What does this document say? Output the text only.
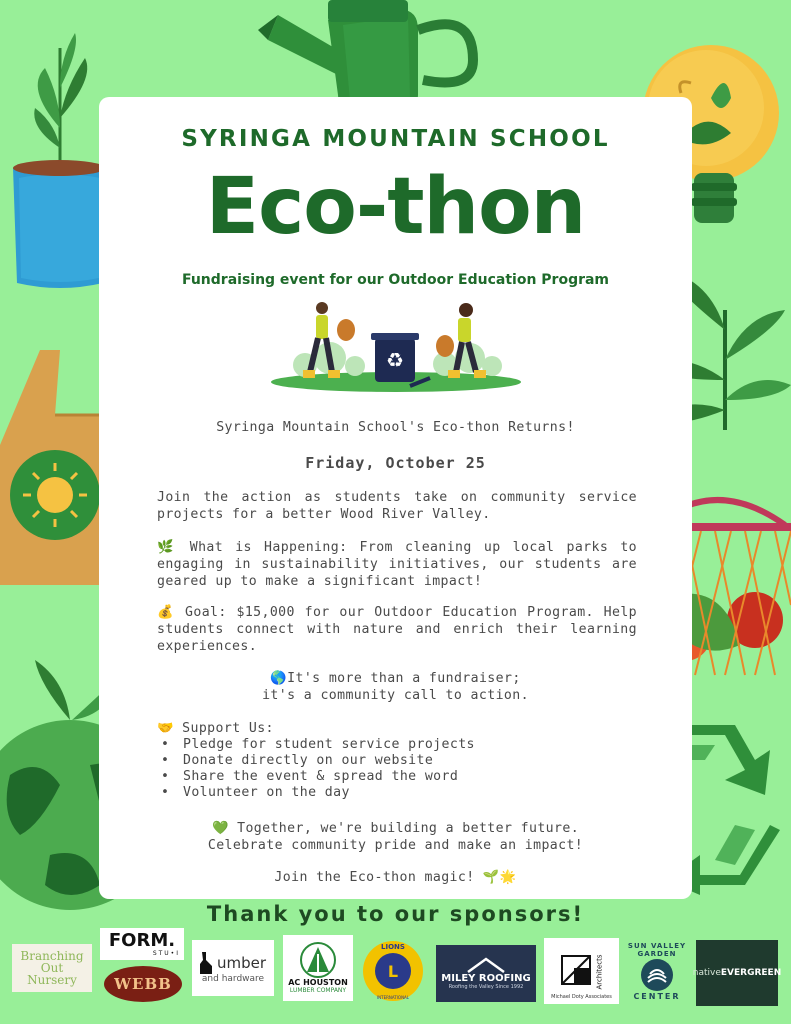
SYRINGA MOUNTAIN SCHOOL
Eco-thon
Fundraising event for our Outdoor Education Program
♻
Syringa Mountain School's Eco-thon Returns!
Friday, October 25
Join the action as students take on community service projects for a better Wood River Valley.
🌿 What is Happening: From cleaning up local parks to engaging in sustainability initiatives, our students are geared up to make a significant impact!
💰 Goal: $15,000 for our Outdoor Education Program. Help students connect with nature and enrich their learning experiences.
🌎It's more than a fundraiser;
it's a community call to action.
🤝 Support Us:
• Pledge for student service projects
• Donate directly on our website
• Share the event & spread the word
• Volunteer on the day
💚 Together, we're building a better future.
Celebrate community pride and make an impact!
Join the Eco-thon magic! 🌱🌟
Thank you to our sponsors!
Branching
Out
Nursery
FORM.
STU•I
WEBB
umber
and hardware	AC HOUSTON
LUMBER COMPANY
L
LIONS
INTERNATIONAL
MILEY ROOFING
Roofing the Valley Since 1992	Architects
Michael Doty Associates
SUN VALLEY GARDEN
CENTER
native EVERGREEN
